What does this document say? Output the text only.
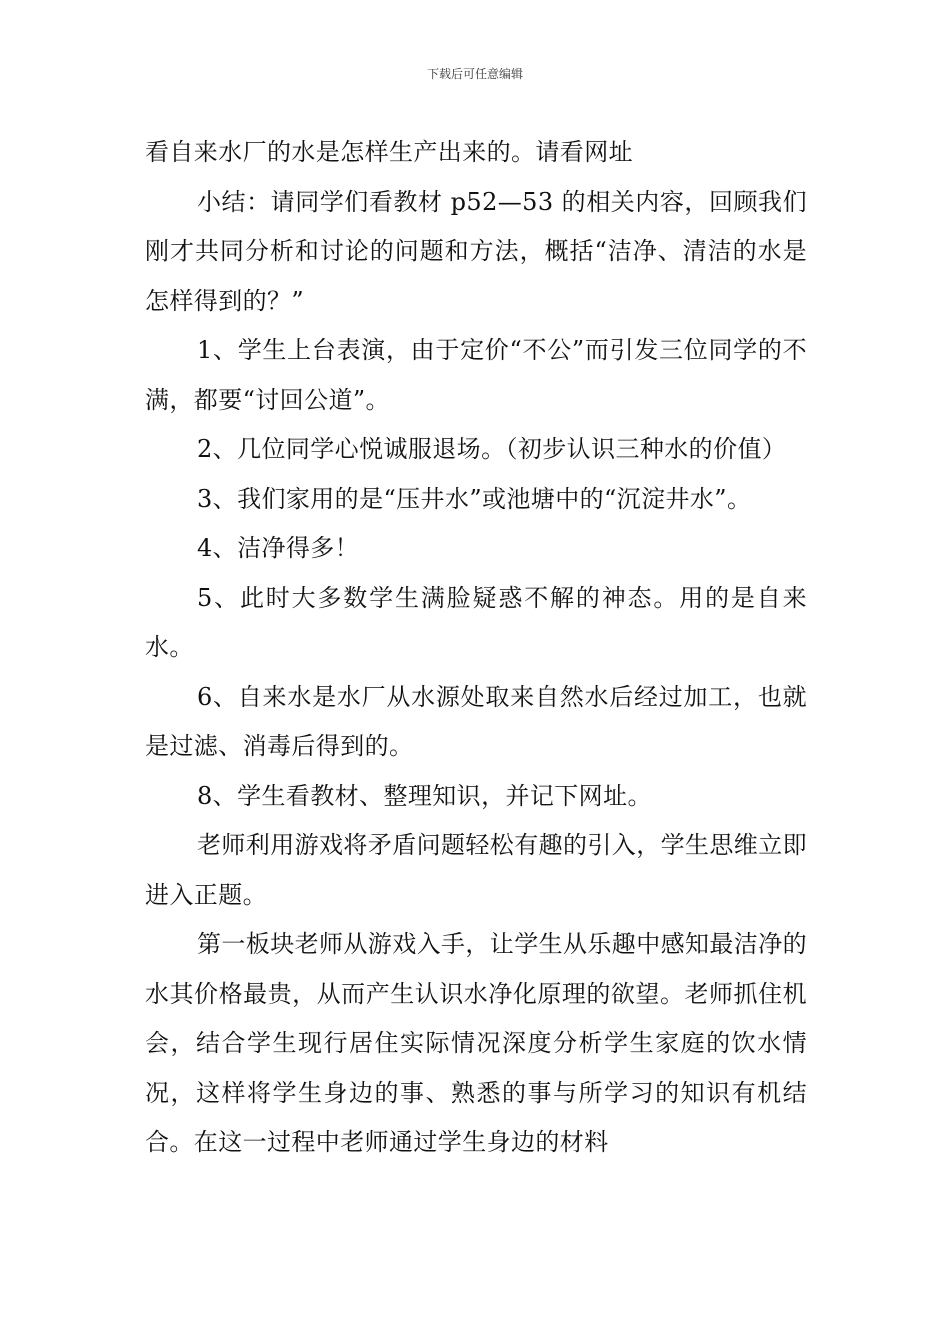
下载后可任意编辑

看自来水厂的水是怎样生产出来的。请看网址

小结：请同学们看教材 p52—53 的相关内容，回顾我们刚才共同分析和讨论的问题和方法，概括“洁净、清洁的水是怎样得到的？”

1、学生上台表演，由于定价“不公”而引发三位同学的不满，都要“讨回公道”。

2、几位同学心悦诚服退场。（初步认识三种水的价值）

3、我们家用的是“压井水”或池塘中的“沉淀井水”。

4、洁净得多！

5、此时大多数学生满脸疑惑不解的神态。用的是自来水。

6、自来水是水厂从水源处取来自然水后经过加工，也就是过滤、消毒后得到的。

8、学生看教材、整理知识，并记下网址。

老师利用游戏将矛盾问题轻松有趣的引入，学生思维立即进入正题。

第一板块老师从游戏入手，让学生从乐趣中感知最洁净的水其价格最贵，从而产生认识水净化原理的欲望。老师抓住机会，结合学生现行居住实际情况深度分析学生家庭的饮水情况，这样将学生身边的事、熟悉的事与所学习的知识有机结合。在这一过程中老师通过学生身边的材料
